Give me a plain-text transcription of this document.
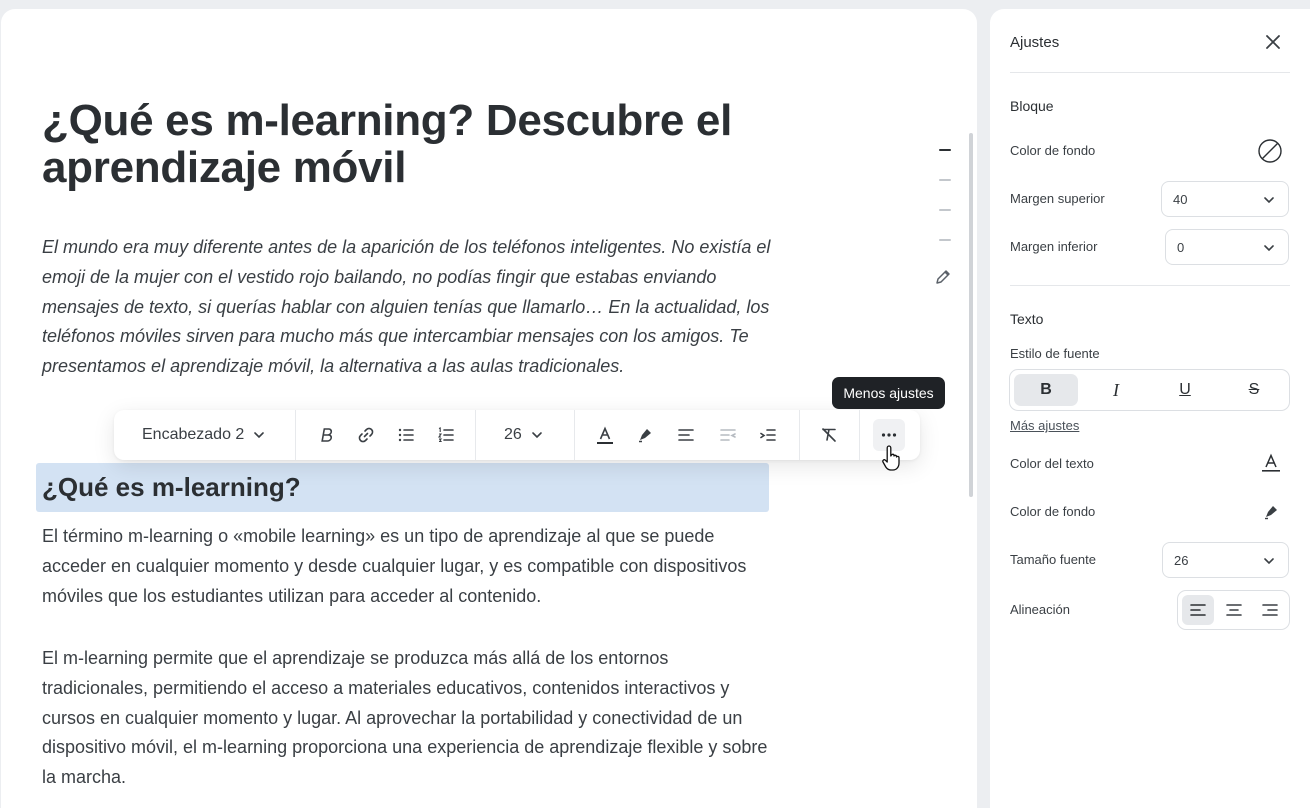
¿Qué es m-learning? Descubre el aprendizaje móvil

El mundo era muy diferente antes de la aparición de los teléfonos inteligentes. No existía el emoji de la mujer con el vestido rojo bailando, no podías fingir que estabas enviando mensajes de texto, si querías hablar con alguien tenías que llamarlo… En la actualidad, los teléfonos móviles sirven para mucho más que intercambiar mensajes con los amigos. Te presentamos el aprendizaje móvil, la alternativa a las aulas tradicionales.

¿Qué es m-learning?

El término m-learning o «mobile learning» es un tipo de aprendizaje al que se puede acceder en cualquier momento y desde cualquier lugar, y es compatible con dispositivos móviles que los estudiantes utilizan para acceder al contenido.

El m-learning permite que el aprendizaje se produzca más allá de los entornos tradicionales, permitiendo el acceso a materiales educativos, contenidos interactivos y cursos en cualquier momento y lugar. Al aprovechar la portabilidad y conectividad de un dispositivo móvil, el m-learning proporciona una experiencia de aprendizaje flexible y sobre la marcha.

Encabezado 2	26
Menos ajustes
Ajustes
Bloque
Color de fondo
Margen superior	40
Margen inferior	0
Texto
Estilo de fuente
B	I	U	S
Más ajustes
Color del texto
Color de fondo
Tamaño fuente	26
Alineación
